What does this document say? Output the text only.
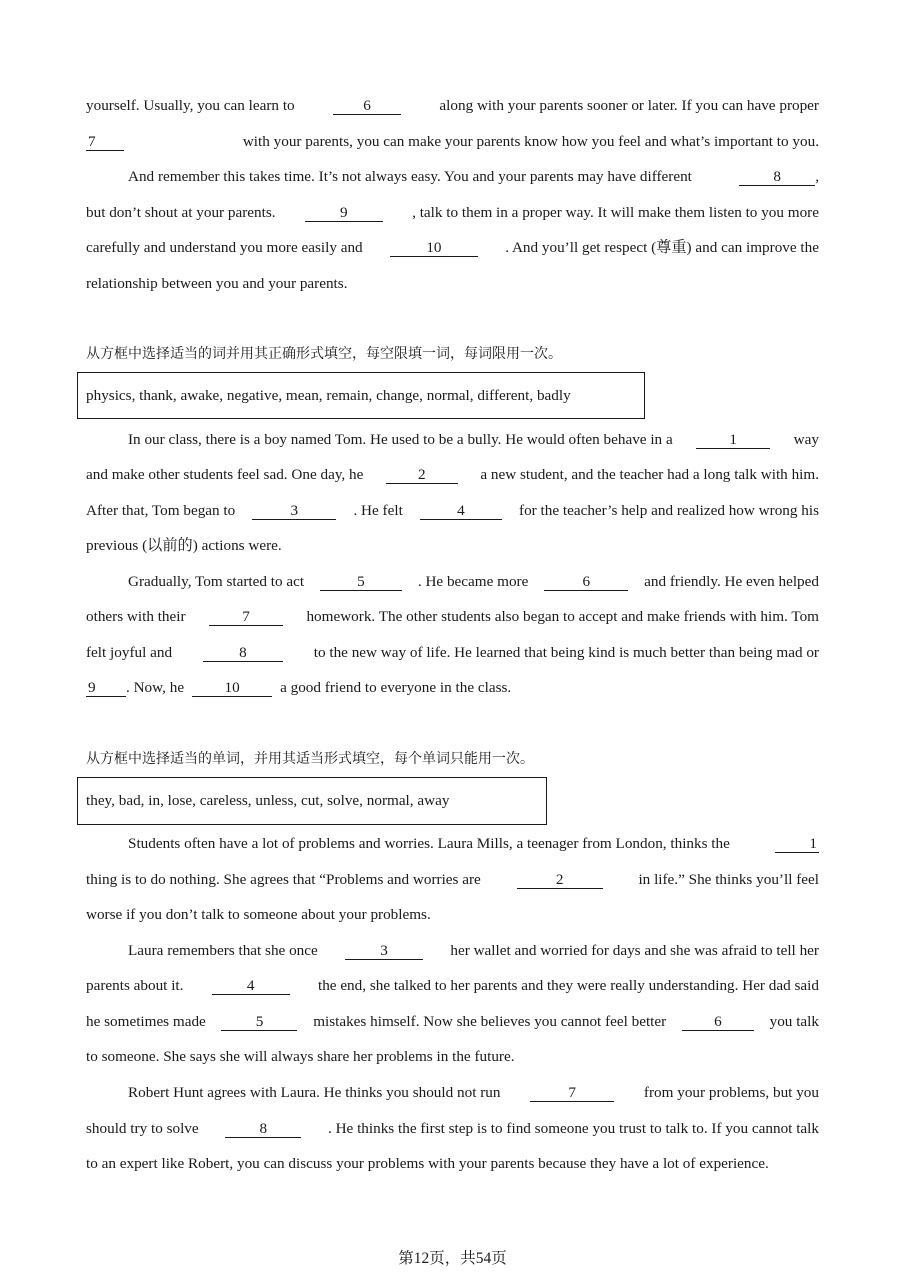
yourself. Usually, you can learn to	6	along with your parents sooner or later. If you can have proper
7	with your parents, you can make your parents know how you feel and what’s important to you.
And remember this takes time. It’s not always easy. You and your parents may have different	8	,
but don’t shout at your parents.	9	, talk to them in a proper way. It will make them listen to you more
carefully and understand you more easily and	10	. And you’ll get respect (尊重) and can improve the
relationship between you and your parents.
从方框中选择适当的词并用其正确形式填空，每空限填一词，每词限用一次。
physics, thank, awake, negative, mean, remain, change, normal, different, badly
In our class, there is a boy named Tom. He used to be a bully. He would often behave in a	1	way
and make other students feel sad. One day, he	2	a new student, and the teacher had a long talk with him.
After that, Tom began to	3	. He felt	4	for the teacher’s help and realized how wrong his
previous (以前的) actions were.
Gradually, Tom started to act	5	. He became more	6	and friendly. He even helped
others with their	7	homework. The other students also began to accept and make friends with him. Tom
felt joyful and	8	to the new way of life. He learned that being kind is much better than being mad or
9	. Now, he	10	a good friend to everyone in the class.
从方框中选择适当的单词，并用其适当形式填空，每个单词只能用一次。
they, bad, in, lose, careless, unless, cut, solve, normal, away
Students often have a lot of problems and worries. Laura Mills, a teenager from London, thinks the	1
thing is to do nothing. She agrees that “Problems and worries are	2	in life.” She thinks you’ll feel
worse if you don’t talk to someone about your problems.
Laura remembers that she once	3	her wallet and worried for days and she was afraid to tell her
parents about it.	4	the end, she talked to her parents and they were really understanding. Her dad said
he sometimes made	5	mistakes himself. Now she believes you cannot feel better	6	you talk
to someone. She says she will always share her problems in the future.
Robert Hunt agrees with Laura. He thinks you should not run	7	from your problems, but you
should try to solve	8	. He thinks the first step is to find someone you trust to talk to. If you cannot talk
to an expert like Robert, you can discuss your problems with your parents because they have a lot of experience.
第12页，共54页
